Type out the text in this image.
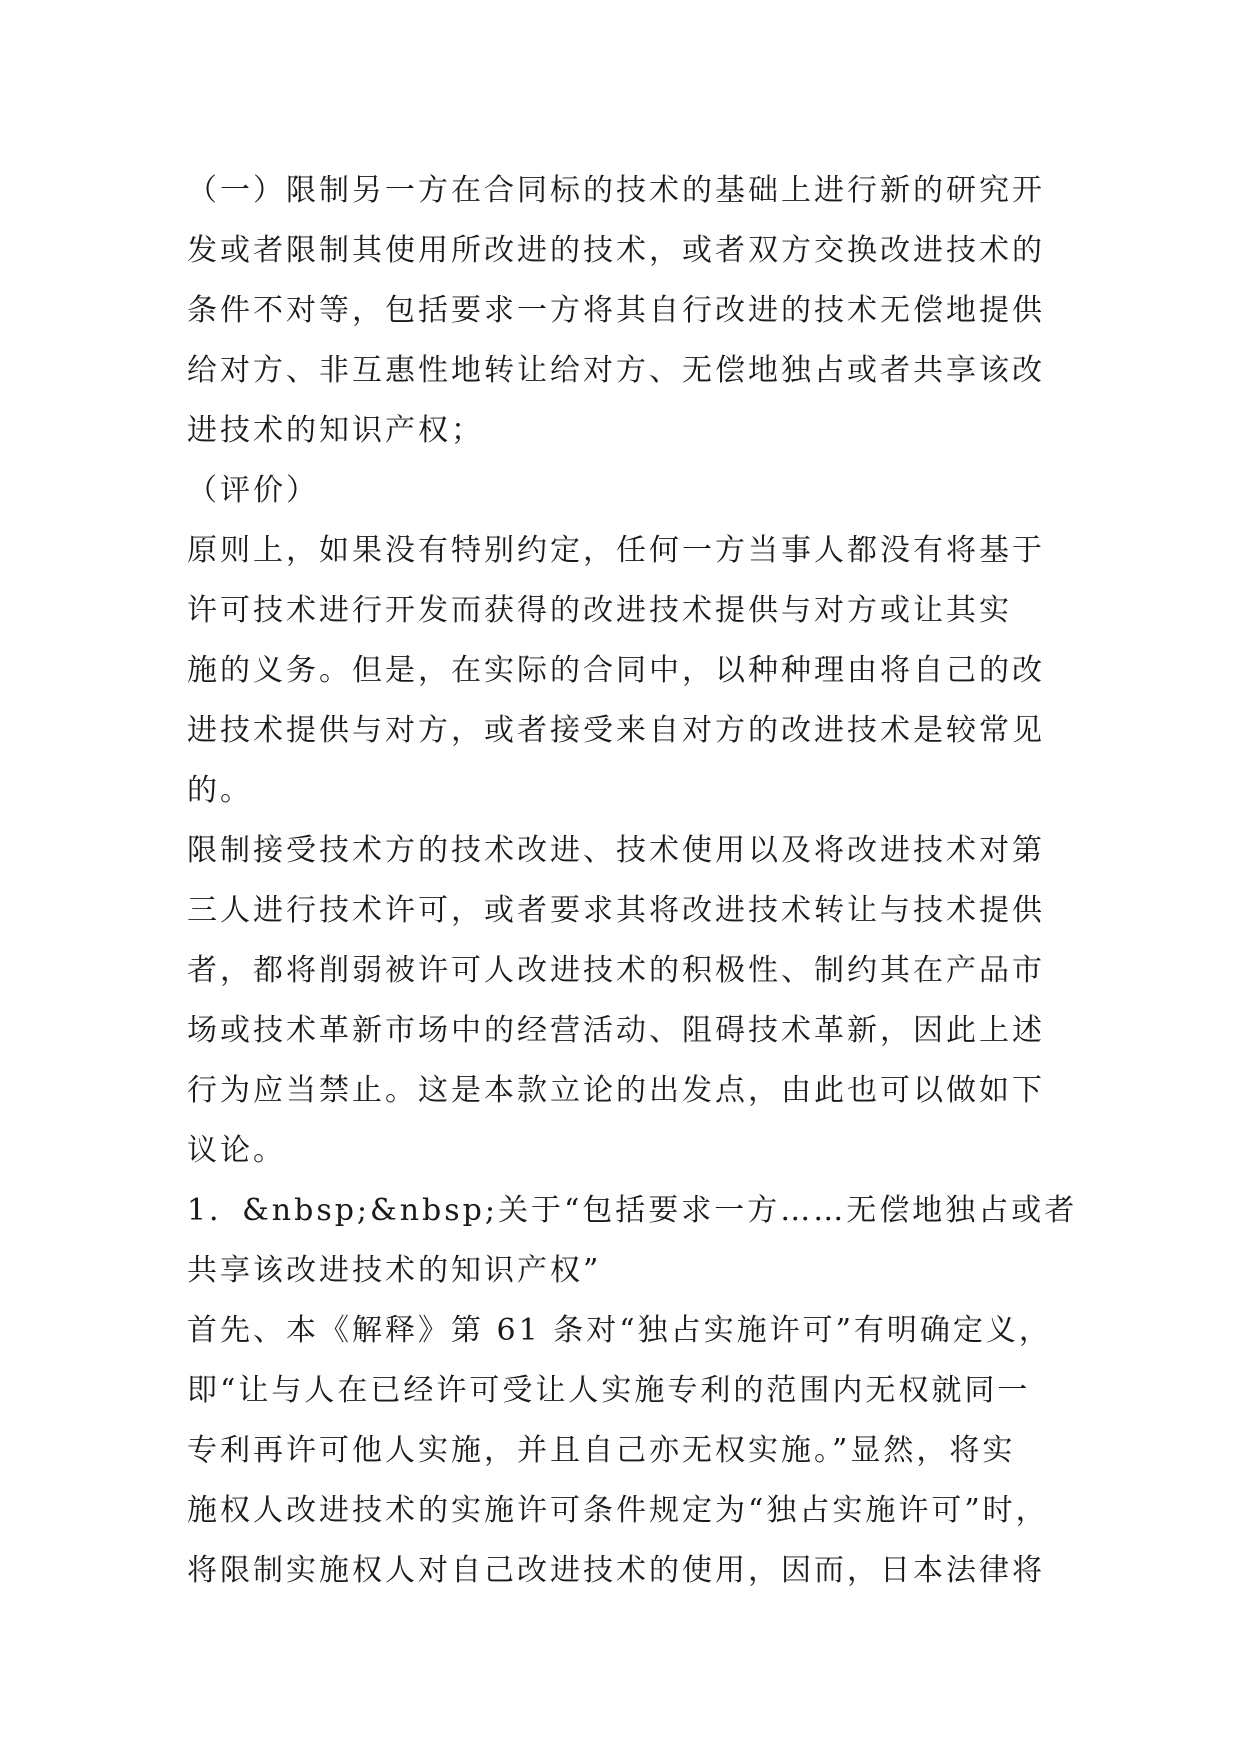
（一）限制另一方在合同标的技术的基础上进行新的研究开
发或者限制其使用所改进的技术，或者双方交换改进技术的
条件不对等，包括要求一方将其自行改进的技术无偿地提供
给对方、非互惠性地转让给对方、无偿地独占或者共享该改
进技术的知识产权；
（评价）
原则上，如果没有特别约定，任何一方当事人都没有将基于
许可技术进行开发而获得的改进技术提供与对方或让其实
施的义务。但是，在实际的合同中，以种种理由将自己的改
进技术提供与对方，或者接受来自对方的改进技术是较常见
的。
限制接受技术方的技术改进、技术使用以及将改进技术对第
三人进行技术许可，或者要求其将改进技术转让与技术提供
者，都将削弱被许可人改进技术的积极性、制约其在产品市
场或技术革新市场中的经营活动、阻碍技术革新，因此上述
行为应当禁止。这是本款立论的出发点，由此也可以做如下
议论。
1．&nbsp;&nbsp;关于“包括要求一方……无偿地独占或者
共享该改进技术的知识产权”
首先、本《解释》第 61 条对“独占实施许可”有明确定义，
即“让与人在已经许可受让人实施专利的范围内无权就同一
专利再许可他人实施，并且自己亦无权实施。”显然，将实
施权人改进技术的实施许可条件规定为“独占实施许可”时，
将限制实施权人对自己改进技术的使用，因而，日本法律将
